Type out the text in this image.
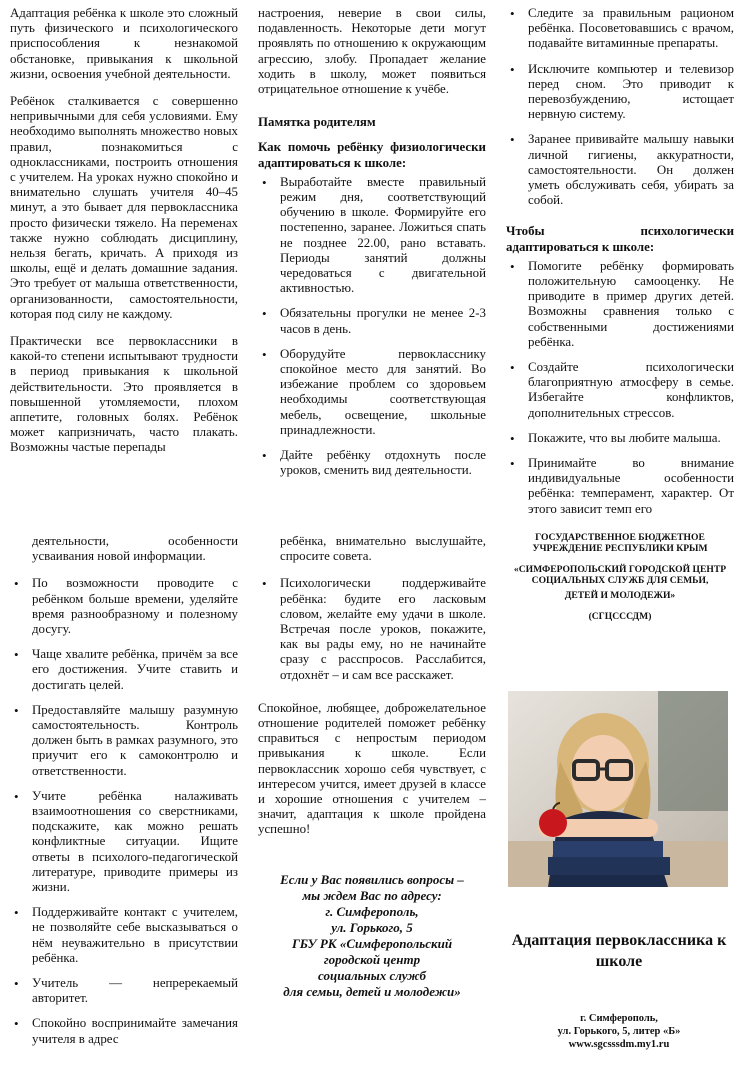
Адаптация ребёнка к школе это сложный путь физического и психологического приспособления к незнакомой обстановке, привыкания к школьной жизни, освоения учебной деятельности.

Ребёнок сталкивается с совершенно непривычными для себя условиями. Ему необходимо выполнять множество новых правил, познакомиться с одноклассниками, построить отношения с учителем. На уроках нужно спокойно и внимательно слушать учителя 40–45 минут, а это бывает для первоклассника просто физически тяжело. На переменах также нужно соблюдать дисциплину, нельзя бегать, кричать. А приходя из школы, ещё и делать домашние задания. Это требует от малыша ответственности, организованности, самостоятельности, которая под силу не каждому.

Практически все первоклассники в какой-то степени испытывают трудности в период привыкания к школьной действительности. Это проявляется в повышенной утомляемости, плохом аппетите, головных болях. Ребёнок может капризничать, часто плакать. Возможны частые перепады

настроения, неверие в свои силы, подавленность. Некоторые дети могут проявлять по отношению к окружающим агрессию, злобу. Пропадает желание ходить в школу, может появиться отрицательное отношение к учёбе.

Памятка родителям

Как помочь ребёнку физиологически адаптироваться к школе:

• Выработайте вместе правильный режим дня, соответствующий обучению в школе. Формируйте его постепенно, заранее. Ложиться спать не позднее 22.00, рано вставать. Периоды занятий должны чередоваться с двигательной активностью.
• Обязательны прогулки не менее 2-3 часов в день.
• Оборудуйте первокласснику спокойное место для занятий. Во избежание проблем со здоровьем необходимы соответствующая мебель, освещение, школьные принадлежности.
• Дайте ребёнку отдохнуть после уроков, сменить вид деятельности.
• Следите за правильным рационом ребёнка. Посоветовавшись с врачом, подавайте витаминные препараты.
• Исключите компьютер и телевизор перед сном. Это приводит к перевозбуждению, истощает нервную систему.
• Заранее прививайте малышу навыки личной гигиены, аккуратности, самостоятельности. Он должен уметь обслуживать себя, убирать за собой.

Чтобы психологически адаптироваться к школе:

• Помогите ребёнку формировать положительную самооценку. Не приводите в пример других детей. Возможны сравнения только с собственными достижениями ребёнка.
• Создайте психологически благоприятную атмосферу в семье. Избегайте конфликтов, дополнительных стрессов.
• Покажите, что вы любите малыша.
• Принимайте во внимание индивидуальные особенности ребёнка: темперамент, характер. От этого зависит темп его

деятельности, особенности усваивания новой информации.

• По возможности проводите с ребёнком больше времени, уделяйте время разнообразному и полезному досугу.
• Чаще хвалите ребёнка, причём за все его достижения. Учите ставить и достигать целей.
• Предоставляйте малышу разумную самостоятельность. Контроль должен быть в рамках разумного, это приучит его к самоконтролю и ответственности.
• Учите ребёнка налаживать взаимоотношения со сверстниками, подскажите, как можно решать конфликтные ситуации. Ищите ответы в психолого-педагогической литературе, приводите примеры из жизни.
• Поддерживайте контакт с учителем, не позволяйте себе высказываться о нём неуважительно в присутствии ребёнка.
• Учитель — непререкаемый авторитет.
• Спокойно воспринимайте замечания учителя в адрес

ребёнка, внимательно выслушайте, спросите совета.

• Психологически поддерживайте ребёнка: будите его ласковым словом, желайте ему удачи в школе. Встречая после уроков, покажите, как вы рады ему, но не начинайте сразу с расспросов. Расслабится, отдохнёт – и сам все расскажет.

Спокойное, любящее, доброжелательное отношение родителей поможет ребёнку справиться с непростым периодом привыкания к школе. Если первоклассник хорошо себя чувствует, с интересом учится, имеет друзей в классе и хорошие отношения с учителем – значит, адаптация к школе пройдена успешно!

Если у Вас появились вопросы –
мы ждем Вас по адресу:
г. Симферополь,
ул. Горького, 5
ГБУ РК «Симферопольский
городской центр
социальных служб
для семьи, детей и молодежи»
ГОСУДАРСТВЕННОЕ БЮДЖЕТНОЕ УЧРЕЖДЕНИЕ РЕСПУБЛИКИ КРЫМ
«СИМФЕРОПОЛЬСКИЙ ГОРОДСКОЙ ЦЕНТР СОЦИАЛЬНЫХ СЛУЖБ ДЛЯ СЕМЬИ,
ДЕТЕЙ И МОЛОДЕЖИ»
(СГЦСССДМ)
Адаптация первоклассника к школе
г. Симферополь,
ул. Горького, 5, литер «Б»
www.sgcsssdm.my1.ru
